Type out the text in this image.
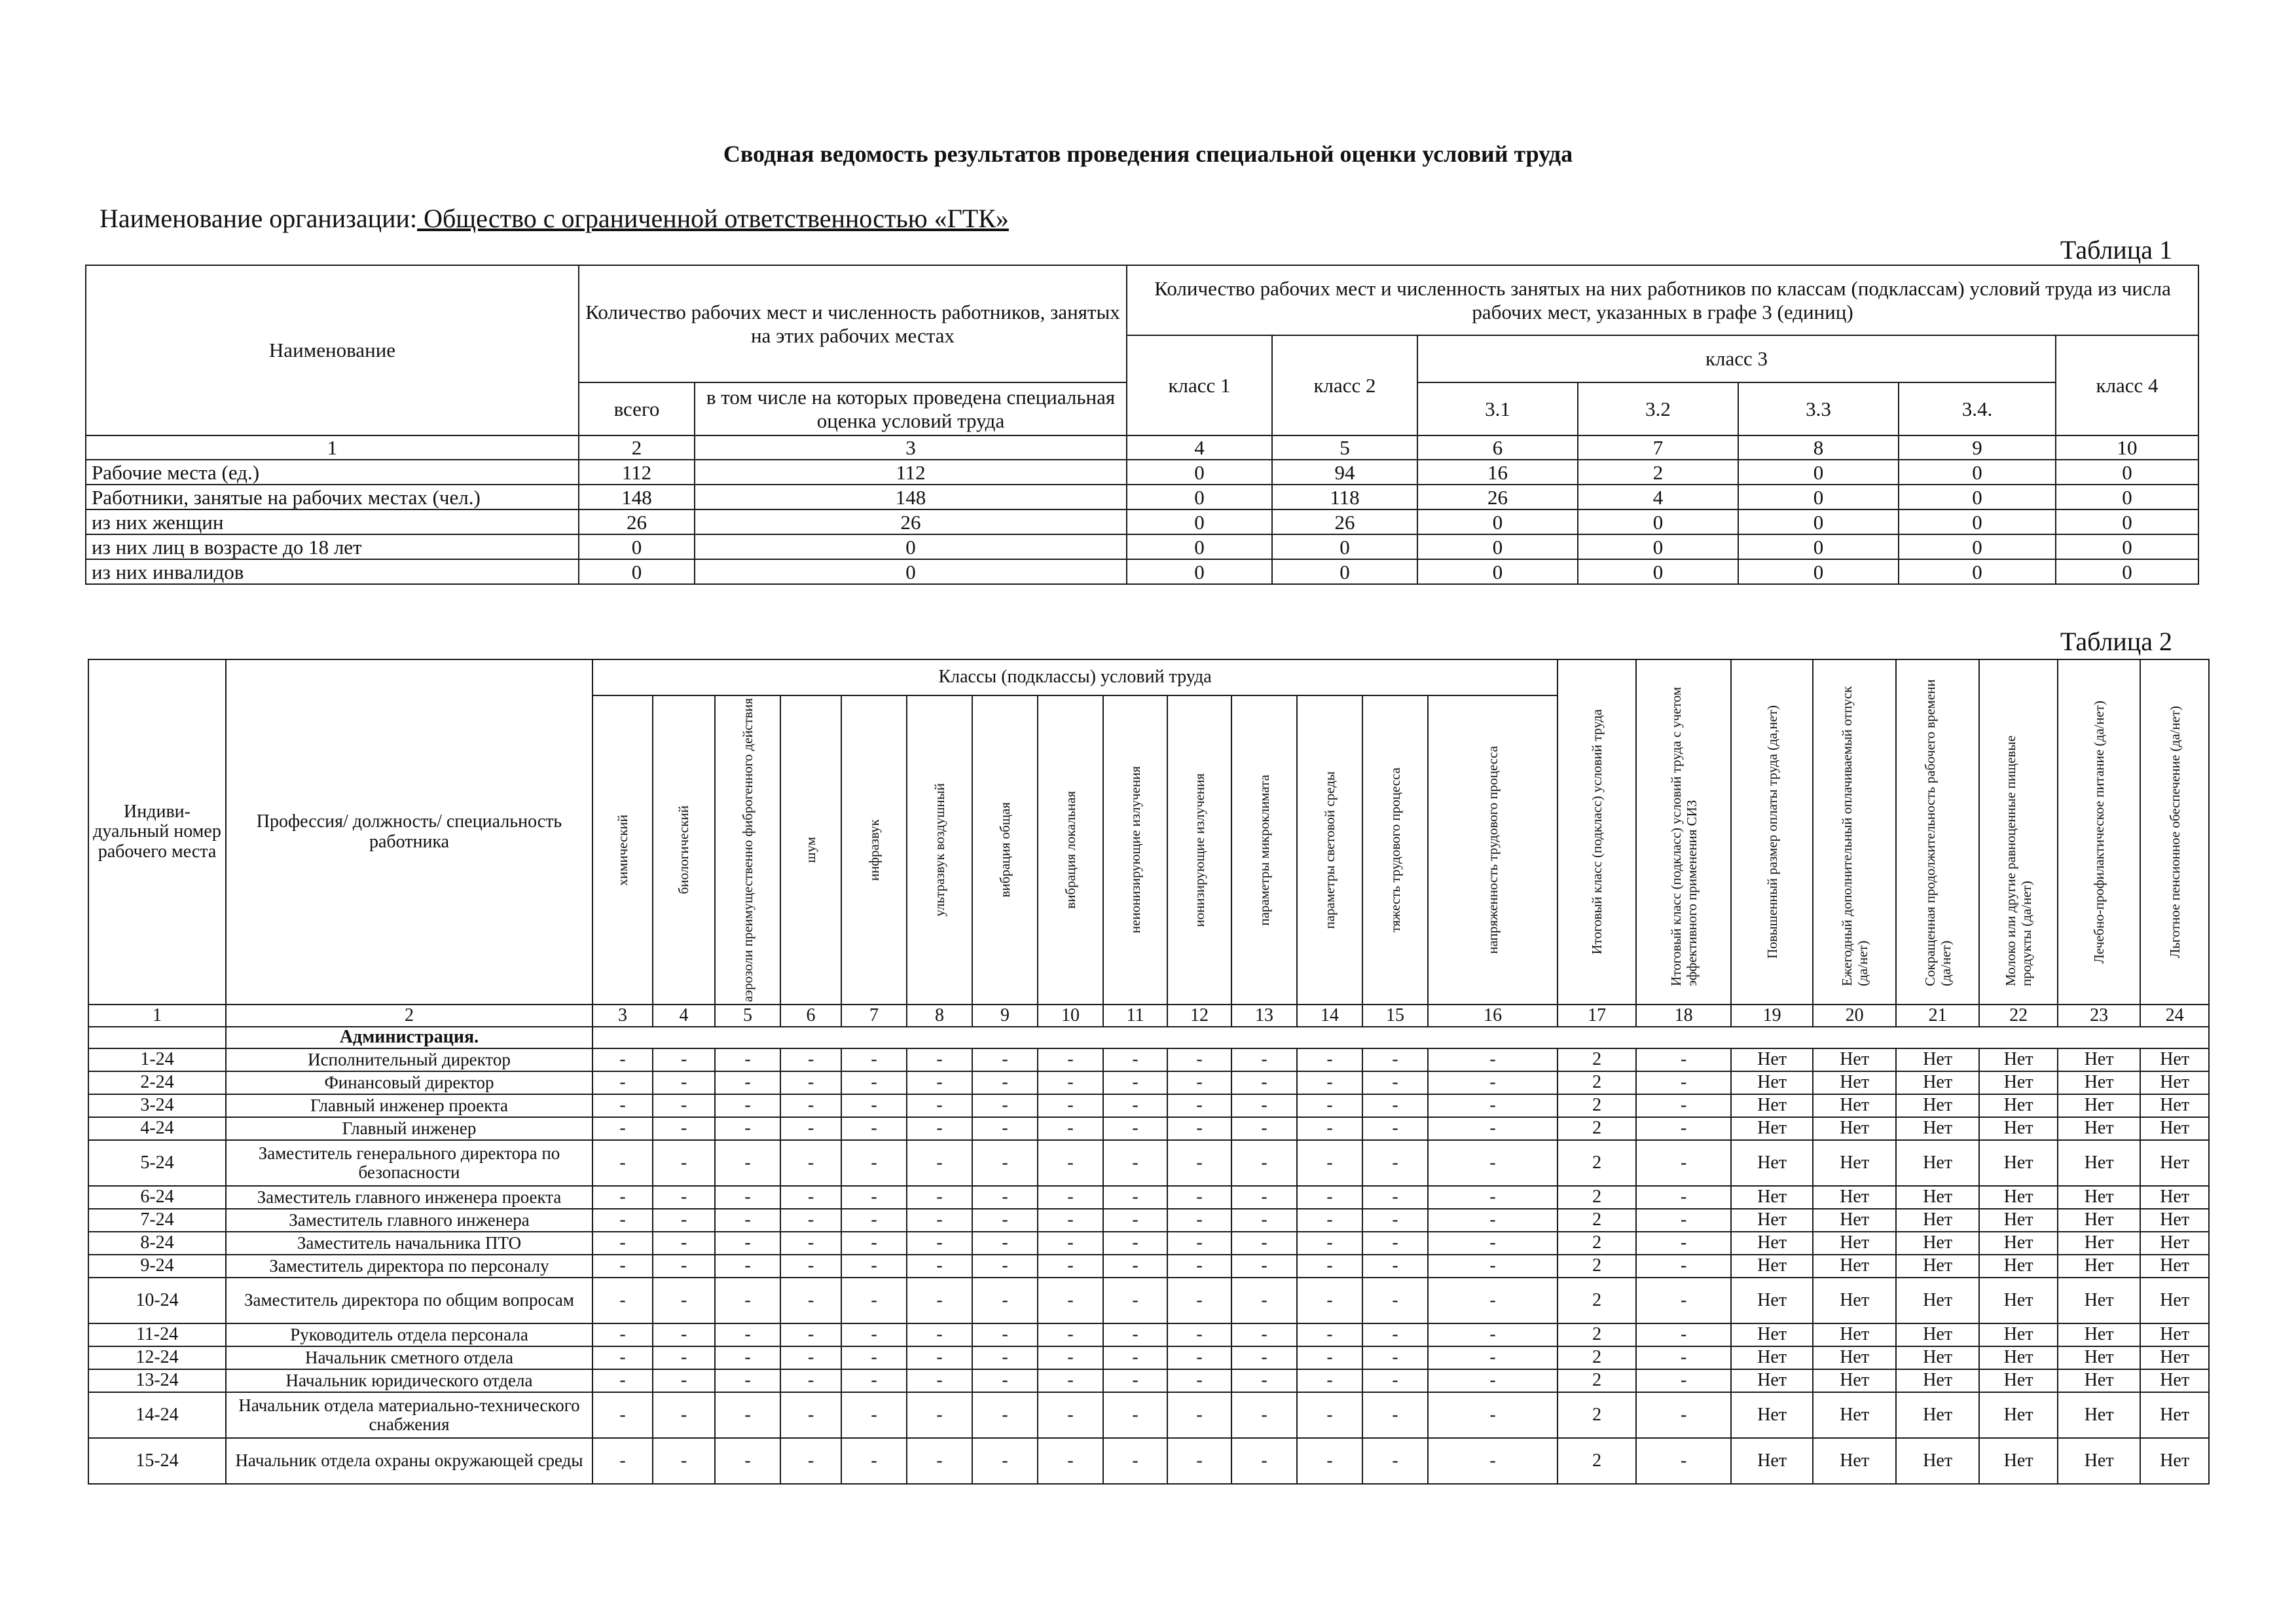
Сводная ведомость результатов проведения специальной оценки условий труда
Наименование организации: Общество с ограниченной ответственностью «ГТК»
Таблица 1
Наименование	Количество рабочих мест и численность работников, занятых на этих рабочих местах		Количество рабочих мест и численность занятых на них работников по классам (подклассам) условий труда из числа рабочих мест, указанных в графе 3 (единиц)						
			класс 1	класс 2	класс 3				класс 4
	всего	в том числе на которых проведена специальная оценка условий труда			3.1	3.2	3.3	3.4.	
1	2	3	4	5	6	7	8	9	10
Рабочие места (ед.)	112	112	0	94	16	2	0	0	0
Работники, занятые на рабочих местах (чел.)	148	148	0	118	26	4	0	0	0
из них женщин	26	26	0	26	0	0	0	0	0
из них лиц в возрасте до 18 лет	0	0	0	0	0	0	0	0	0
из них инвалидов	0	0	0	0	0	0	0	0	0
Таблица 2
Индиви-дуальный номер рабочего места	Профессия/ должность/ специальность работника	Классы (подклассы) условий труда														Итоговый класс (подкласс) условий труда	Итоговый класс (подкласс) условий труда с учетом эффективного применения СИЗ	Повышенный размер оплаты труда (да,нет)	Ежегодный дополнительный оплачиваемый отпуск (да/нет)	Сокращенная продолжительность рабочего времени (да/нет)	Молоко или другие равноценные пищевые продукты (да/нет)	Лечебно-профилактическое питание (да/нет)	Льготное пенсионное обеспечение (да/нет)

		химический	биологический	аэрозоли преимущественно фиброгенного действия	шум	инфразвук	ультразвук воздушный	вибрация общая	вибрация локальная	неионизирующие излучения	ионизирующие излучения	параметры микроклимата	параметры световой среды	тяжесть трудового процесса	напряженность трудового процесса								

1	2	3	4	5	6	7	8	9	10	11	12	13	14	15	16	17	18	19	20	21	22	23	24
	Администрация.																						
1-24	Исполнительный директор	-	-	-	-	-	-	-	-	-	-	-	-	-	-	2	-	Нет	Нет	Нет	Нет	Нет	Нет
2-24	Финансовый директор	-	-	-	-	-	-	-	-	-	-	-	-	-	-	2	-	Нет	Нет	Нет	Нет	Нет	Нет
3-24	Главный инженер проекта	-	-	-	-	-	-	-	-	-	-	-	-	-	-	2	-	Нет	Нет	Нет	Нет	Нет	Нет
4-24	Главный инженер	-	-	-	-	-	-	-	-	-	-	-	-	-	-	2	-	Нет	Нет	Нет	Нет	Нет	Нет
5-24	Заместитель генерального директора по безопасности	-	-	-	-	-	-	-	-	-	-	-	-	-	-	2	-	Нет	Нет	Нет	Нет	Нет	Нет
6-24	Заместитель главного инженера проекта	-	-	-	-	-	-	-	-	-	-	-	-	-	-	2	-	Нет	Нет	Нет	Нет	Нет	Нет
7-24	Заместитель главного инженера	-	-	-	-	-	-	-	-	-	-	-	-	-	-	2	-	Нет	Нет	Нет	Нет	Нет	Нет
8-24	Заместитель начальника ПТО	-	-	-	-	-	-	-	-	-	-	-	-	-	-	2	-	Нет	Нет	Нет	Нет	Нет	Нет
9-24	Заместитель директора по персоналу	-	-	-	-	-	-	-	-	-	-	-	-	-	-	2	-	Нет	Нет	Нет	Нет	Нет	Нет
10-24	Заместитель директора по общим вопросам	-	-	-	-	-	-	-	-	-	-	-	-	-	-	2	-	Нет	Нет	Нет	Нет	Нет	Нет
11-24	Руководитель отдела персонала	-	-	-	-	-	-	-	-	-	-	-	-	-	-	2	-	Нет	Нет	Нет	Нет	Нет	Нет
12-24	Начальник сметного отдела	-	-	-	-	-	-	-	-	-	-	-	-	-	-	2	-	Нет	Нет	Нет	Нет	Нет	Нет
13-24	Начальник юридического отдела	-	-	-	-	-	-	-	-	-	-	-	-	-	-	2	-	Нет	Нет	Нет	Нет	Нет	Нет
14-24	Начальник отдела материально-технического снабжения	-	-	-	-	-	-	-	-	-	-	-	-	-	-	2	-	Нет	Нет	Нет	Нет	Нет	Нет
15-24	Начальник отдела охраны окружающей среды	-	-	-	-	-	-	-	-	-	-	-	-	-	-	2	-	Нет	Нет	Нет	Нет	Нет	Нет
